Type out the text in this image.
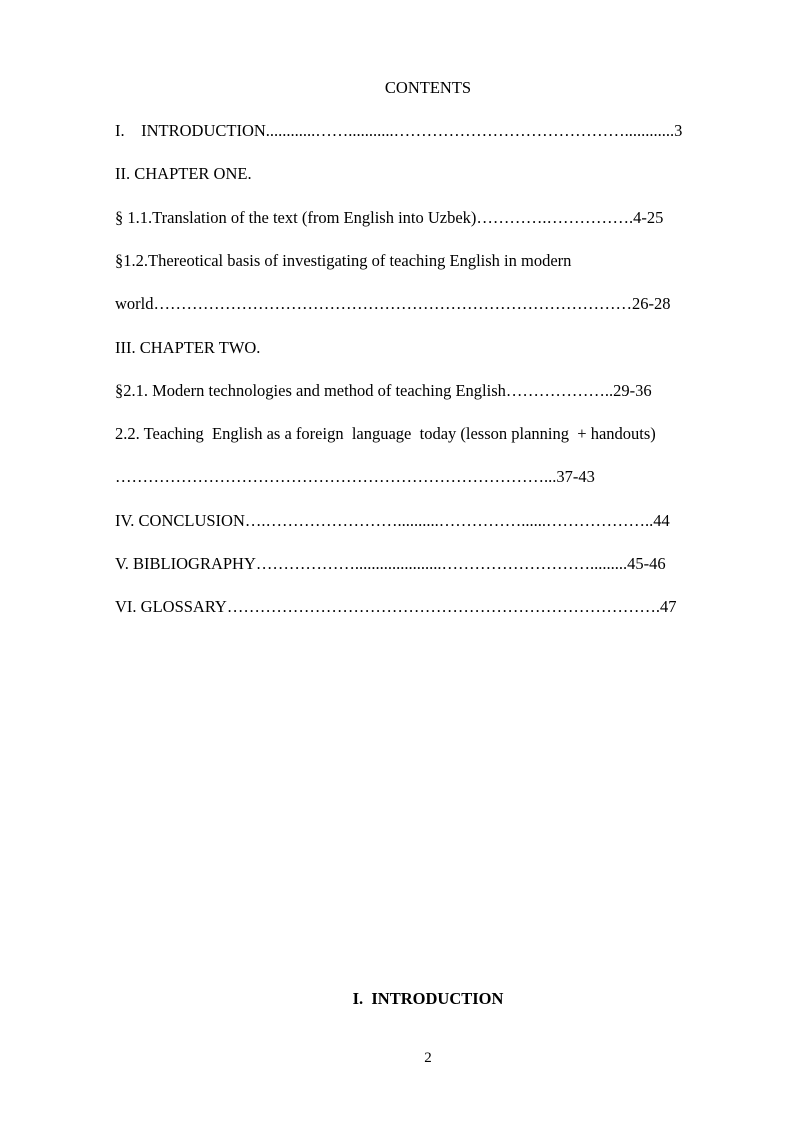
CONTENTS
I.    INTRODUCTION............……...........……………………………………............3
II. CHAPTER ONE.
§ 1.1.Translation of the text (from English into Uzbek)………….…………….4-25
§1.2.Thereotical basis of investigating of teaching English in modern
world……………………………………………………………………………26-28
III. CHAPTER TWO.
§2.1. Modern technologies and method of teaching English………………..29-36
2.2. Teaching  English as a foreign  language  today (lesson planning  + handouts)
……………………………………………………………………...37-43
IV. CONCLUSION….……………………..........……………......………………..44
V. BIBLIOGRAPHY……………….....................……………………….........45-46
VI. GLOSSARY…………………………………………………………………….47
I.  INTRODUCTION
2
